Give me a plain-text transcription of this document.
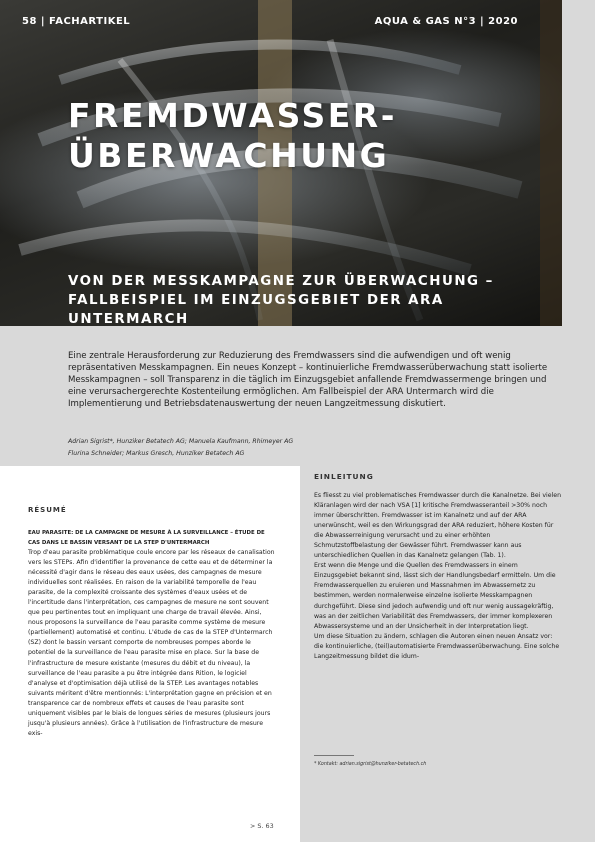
58 | FACHARTIKEL	AQUA & GAS N°3 | 2020
FREMDWASSER-
ÜBERWACHUNG
VON DER MESSKAMPAGNE ZUR ÜBERWACHUNG –
FALLBEISPIEL IM EINZUGSGEBIET DER ARA UNTERMARCH
Eine zentrale Herausforderung zur Reduzierung des Fremdwassers sind die aufwendigen und oft wenig repräsentativen Messkampagnen. Ein neues Konzept – kontinuierliche Fremdwasserüberwachung statt isolierte Messkampagnen – soll Transparenz in die täglich im Einzugsgebiet anfallende Fremdwassermenge bringen und eine verursachergerechte Kostenteilung ermöglichen. Am Fallbeispiel der ARA Untermarch wird die Implementierung und Betriebsdatenauswertung der neuen Langzeitmessung diskutiert.
Adrian Sigrist*, Hunziker Betatech AG; Manuela Kaufmann, Rhimeyer AG
Flurina Schneider; Markus Gresch, Hunziker Betatech AG
RÉSUMÉ
EAU PARASITE: DE LA CAMPAGNE DE MESURE À LA SURVEILLANCE – ÉTUDE DE CAS DANS LE BASSIN VERSANT DE LA STEP D'UNTERMARCH

Trop d'eau parasite problématique coule encore par les réseaux de canalisation vers les STEPs. Afin d'identifier la provenance de cette eau et de déterminer la nécessité d'agir dans le réseau des eaux usées, des campagnes de mesure individuelles sont réalisées. En raison de la variabilité temporelle de l'eau parasite, de la complexité croissante des systèmes d'eaux usées et de l'incertitude dans l'interprétation, ces campagnes de mesure ne sont souvent que peu pertinentes tout en impliquant une charge de travail élevée. Ainsi, nous proposons la surveillance de l'eau parasite comme système de mesure (partiellement) automatisé et continu. L'étude de cas de la STEP d'Untermarch (SZ) dont le bassin versant comporte de nombreuses pompes aborde le potentiel de la surveillance de l'eau parasite mise en place. Sur la base de l'infrastructure de mesure existante (mesures du débit et du niveau), la surveillance de l'eau parasite a pu être intégrée dans Rition, le logiciel d'analyse et d'optimisation déjà utilisé de la STEP. Les avantages notables suivants méritent d'être mentionnés: L'interprétation gagne en précision et en transparence car de nombreux effets et causes de l'eau parasite sont uniquement visibles par le biais de longues séries de mesures (plusieurs jours jusqu'à plusieurs années). Grâce à l'utilisation de l'infrastructure de mesure exis-

> S. 63
EINLEITUNG

Es fliesst zu viel problematisches Fremdwasser durch die Kanalnetze. Bei vielen Kläranlagen wird der nach VSA [1] kritische Fremdwasseranteil >30% noch immer überschritten. Fremdwasser ist im Kanalnetz und auf der ARA unerwünscht, weil es den Wirkungsgrad der ARA reduziert, höhere Kosten für die Abwasserreinigung verursacht und zu einer erhöhten Schmutzstoffbelastung der Gewässer führt. Fremdwasser kann aus unterschiedlichen Quellen in das Kanalnetz gelangen (Tab. 1).

Erst wenn die Menge und die Quellen des Fremdwassers in einem Einzugsgebiet bekannt sind, lässt sich der Handlungsbedarf ermitteln. Um die Fremdwasserquellen zu eruieren und Massnahmen im Abwassernetz zu bestimmen, werden normalerweise einzelne isolierte Messkampagnen durchgeführt. Diese sind jedoch aufwendig und oft nur wenig aussagekräftig, was an der zeitlichen Variabilität des Fremdwassers, der immer komplexeren Abwassersysteme und an der Unsicherheit in der Interpretation liegt.

Um diese Situation zu ändern, schlagen die Autoren einen neuen Ansatz vor: die kontinuierliche, (teil)automatisierte Fremdwasserüberwachung. Eine solche Langzeitmessung bildet die idum-

* Kontakt: adrian.sigrist@hunziker-betatech.ch
